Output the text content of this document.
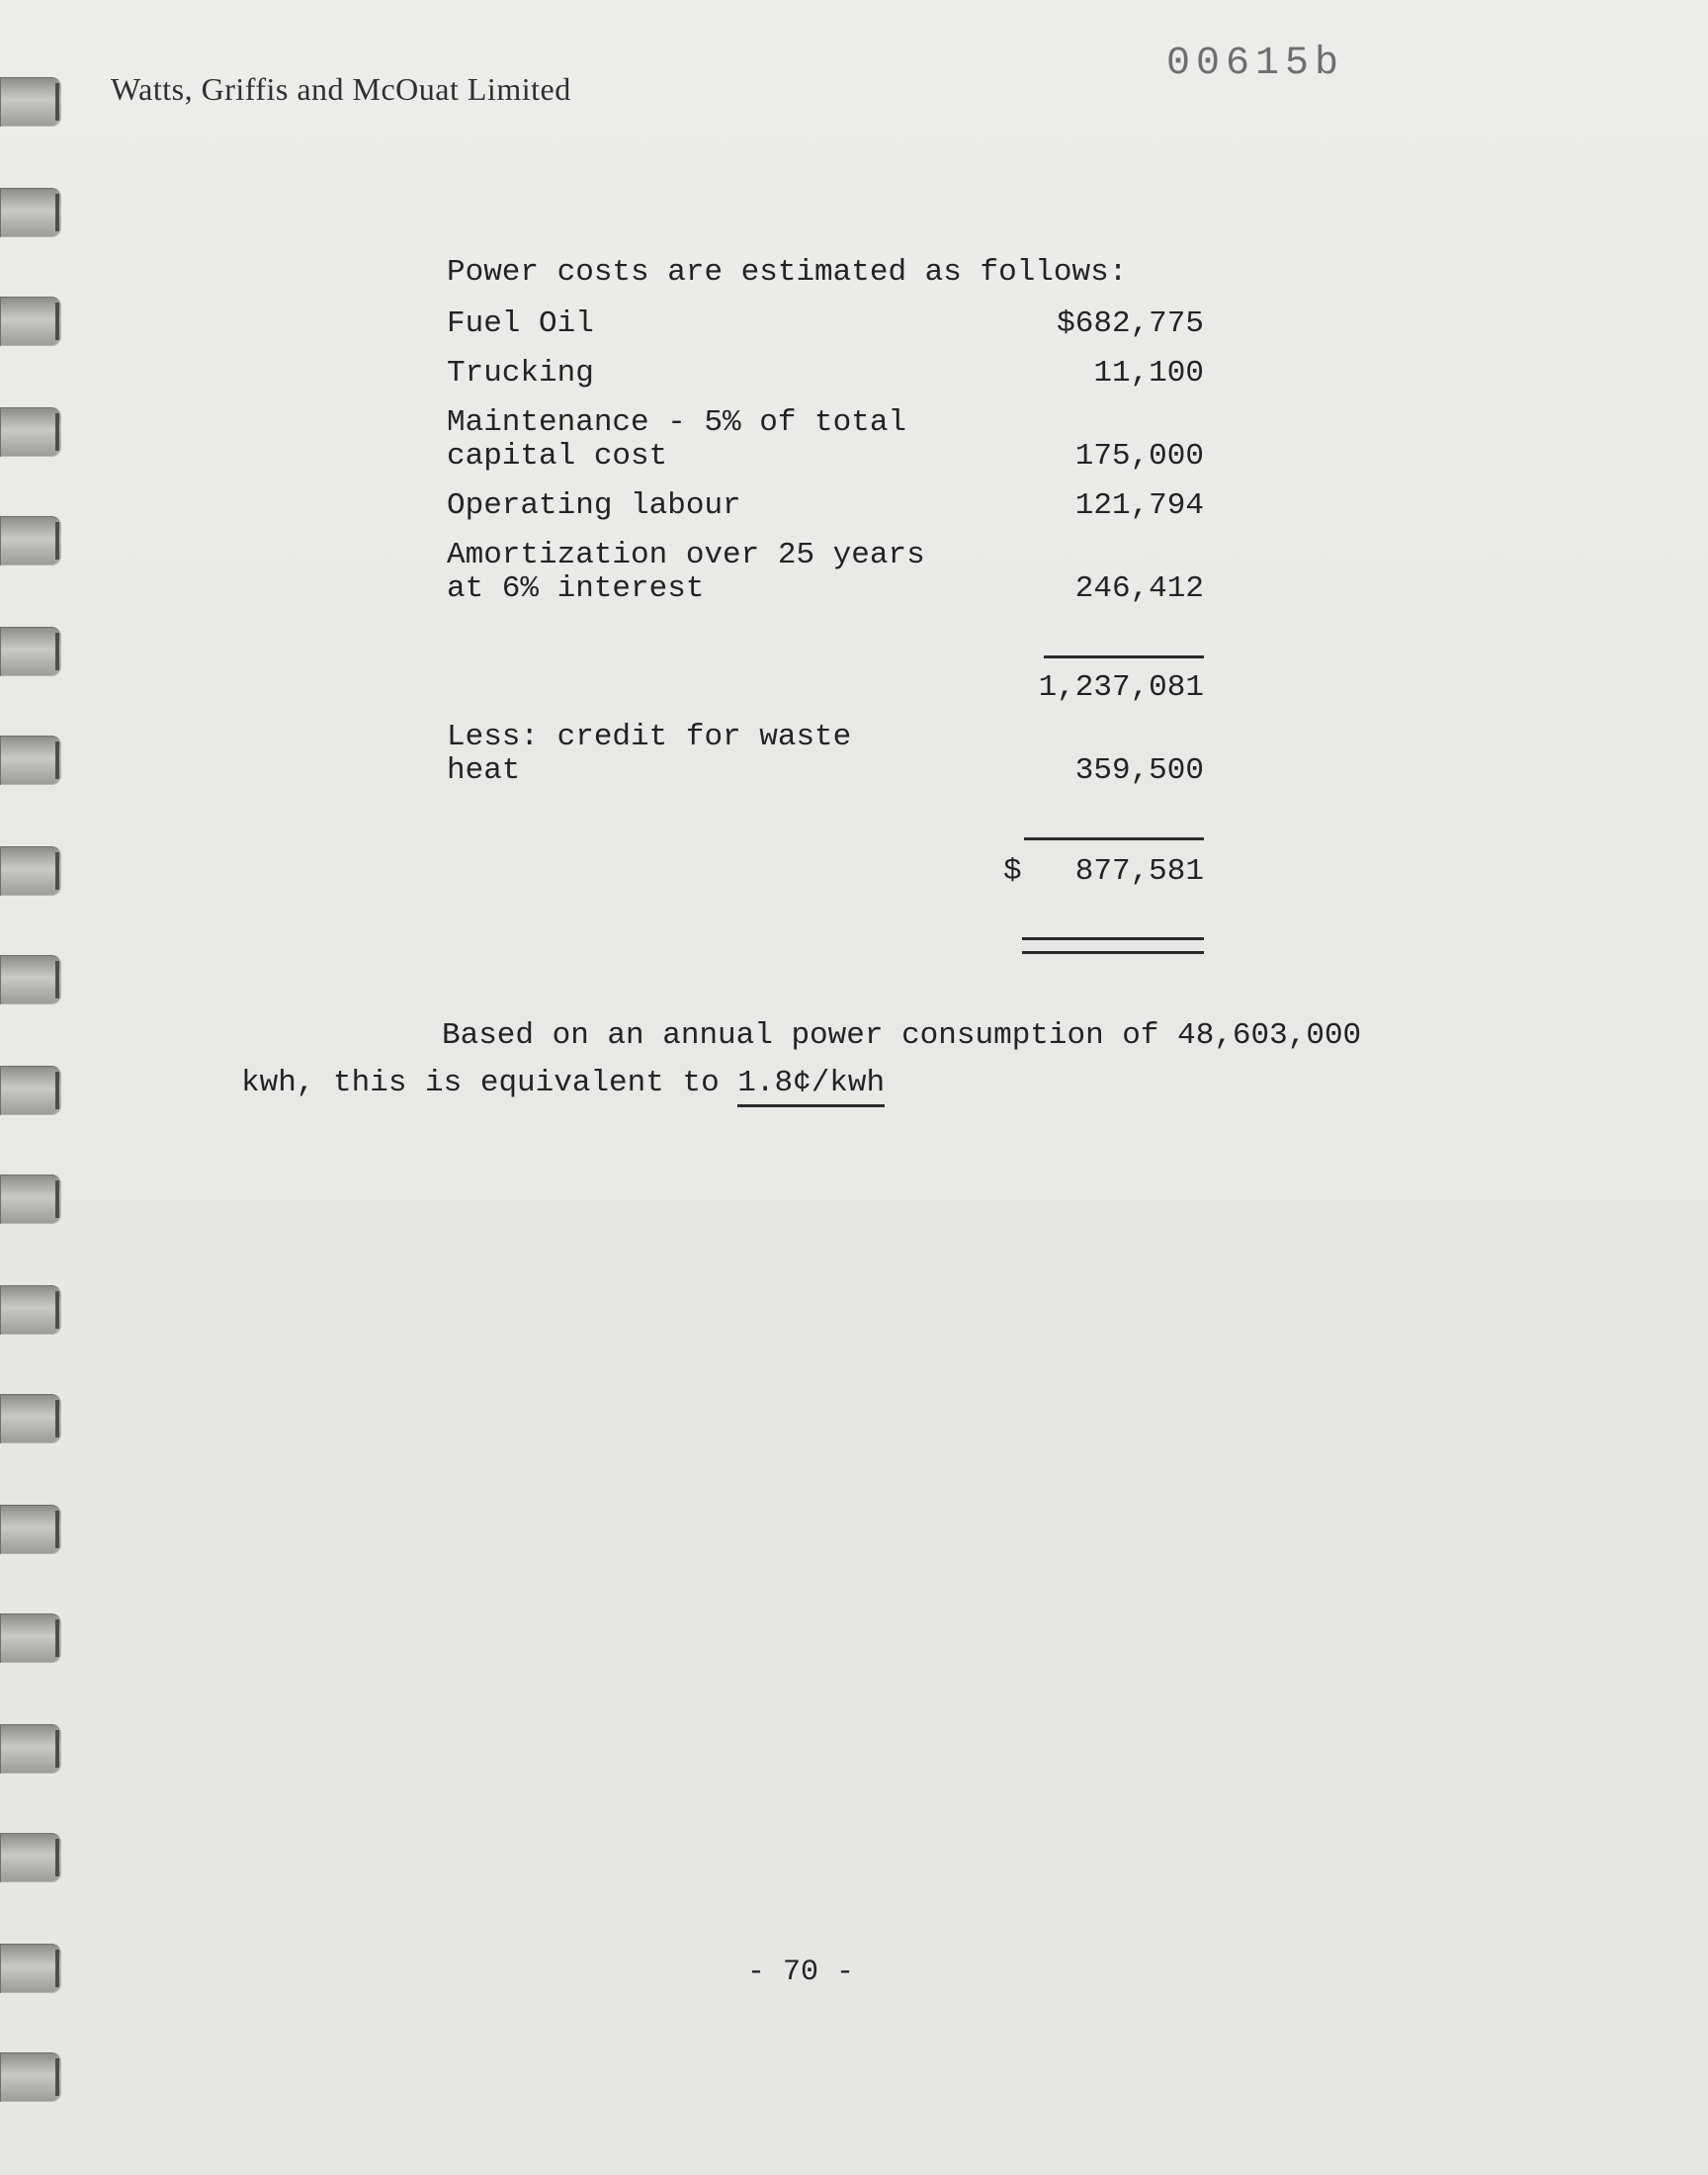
Watts, Griffis and McOuat Limited
00615b
Power costs are estimated as follows:
Fuel Oil	$682,775
Trucking	11,100
Maintenance - 5% of total
capital cost	175,000
Operating labour	121,794
Amortization over 25 years
at 6% interest	246,412
1,237,081
Less: credit for waste
heat	359,500
$ 877,581
Based on an annual power consumption of 48,603,000
kwh, this is equivalent to 1.8¢/kwh
- 70 -
